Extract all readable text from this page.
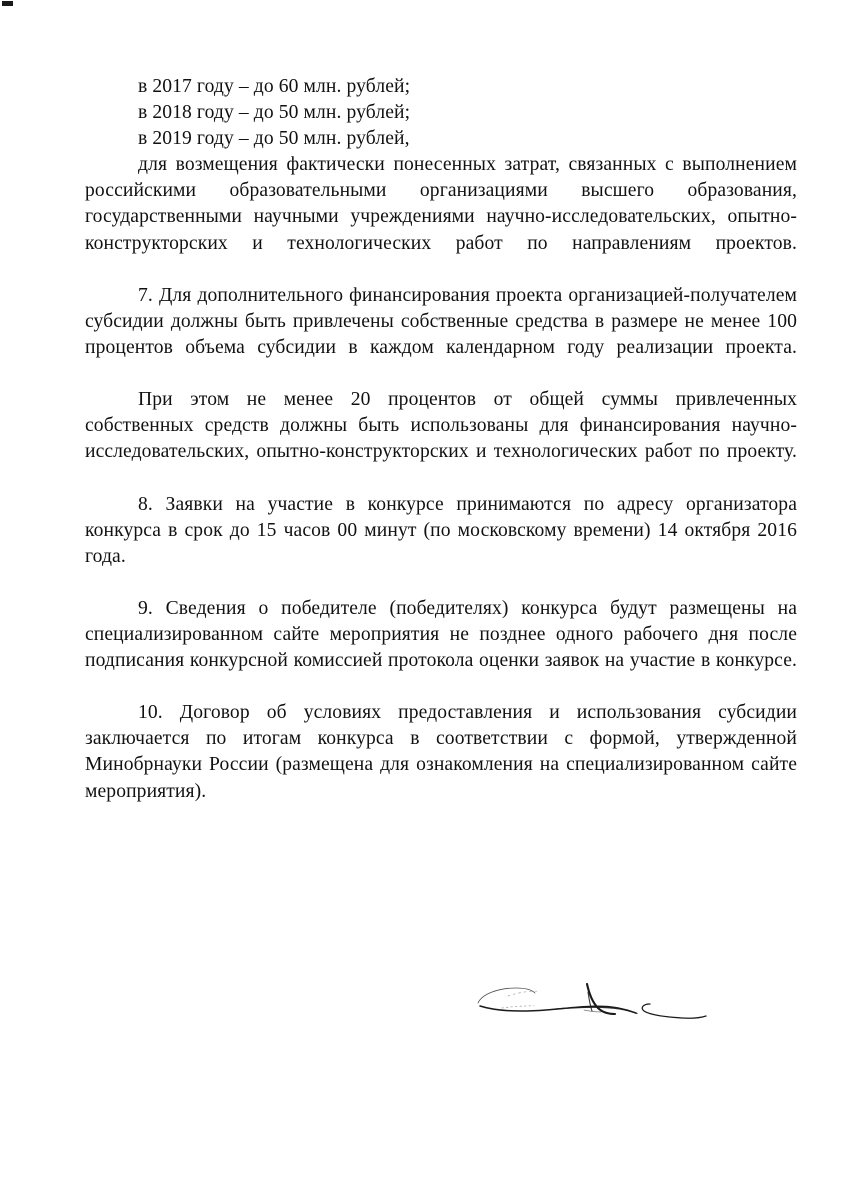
в 2017 году – до 60 млн. рублей;

в 2018 году – до 50 млн. рублей;

в 2019 году – до 50 млн. рублей,

для возмещения фактически понесенных затрат, связанных с выполнением российскими образовательными организациями высшего образования, государственными научными учреждениями научно-исследовательских, опытно-конструкторских и технологических работ по направлениям проектов.

7. Для дополнительного финансирования проекта организацией-получателем субсидии должны быть привлечены собственные средства в размере не менее 100 процентов объема субсидии в каждом календарном году реализации проекта.

При этом не менее 20 процентов от общей суммы привлеченных собственных средств должны быть использованы для финансирования научно-исследовательских, опытно-конструкторских и технологических работ по проекту.

8. Заявки на участие в конкурсе принимаются по адресу организатора конкурса в срок до 15 часов 00 минут (по московскому времени) 14 октября 2016 года.

9. Сведения о победителе (победителях) конкурса будут размещены на специализированном сайте мероприятия не позднее одного рабочего дня после подписания конкурсной комиссией протокола оценки заявок на участие в конкурсе.

10. Договор об условиях предоставления и использования субсидии заключается по итогам конкурса в соответствии с формой, утвержденной Минобрнауки России (размещена для ознакомления на специализированном сайте мероприятия).
